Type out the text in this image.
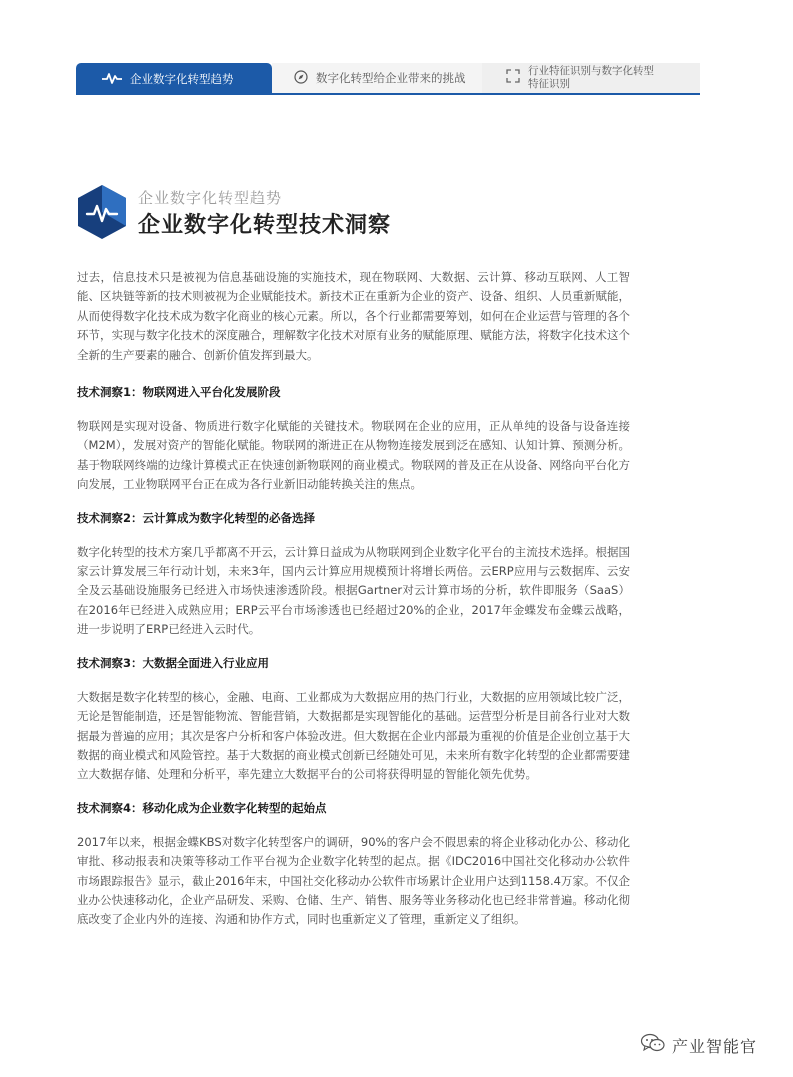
企业数字化转型趋势	数字化转型给企业带来的挑战	行业特征识别与数字化转型特征识别
企业数字化转型趋势
企业数字化转型技术洞察

过去，信息技术只是被视为信息基础设施的实施技术，现在物联网、大数据、云计算、移动互联网、人工智能、区块链等新的技术则被视为企业赋能技术。新技术正在重新为企业的资产、设备、组织、人员重新赋能，从而使得数字化技术成为数字化商业的核心元素。所以，各个行业都需要筹划，如何在企业运营与管理的各个环节，实现与数字化技术的深度融合，理解数字化技术对原有业务的赋能原理、赋能方法，将数字化技术这个全新的生产要素的融合、创新价值发挥到最大。

技术洞察1：物联网进入平台化发展阶段

物联网是实现对设备、物质进行数字化赋能的关键技术。物联网在企业的应用，正从单纯的设备与设备连接（M2M），发展对资产的智能化赋能。物联网的渐进正在从物物连接发展到泛在感知、认知计算、预测分析。基于物联网终端的边缘计算模式正在快速创新物联网的商业模式。物联网的普及正在从设备、网络向平台化方向发展，工业物联网平台正在成为各行业新旧动能转换关注的焦点。

技术洞察2：云计算成为数字化转型的必备选择

数字化转型的技术方案几乎都离不开云，云计算日益成为从物联网到企业数字化平台的主流技术选择。根据国家云计算发展三年行动计划，未来3年，国内云计算应用规模预计将增长两倍。云ERP应用与云数据库、云安全及云基础设施服务已经进入市场快速渗透阶段。根据Gartner对云计算市场的分析，软件即服务（SaaS）在2016年已经进入成熟应用；ERP云平台市场渗透也已经超过20%的企业，2017年金蝶发布金蝶云战略，进一步说明了ERP已经进入云时代。

技术洞察3：大数据全面进入行业应用

大数据是数字化转型的核心，金融、电商、工业都成为大数据应用的热门行业，大数据的应用领域比较广泛，无论是智能制造，还是智能物流、智能营销，大数据都是实现智能化的基础。运营型分析是目前各行业对大数据最为普遍的应用；其次是客户分析和客户体验改进。但大数据在企业内部最为重视的价值是企业创立基于大数据的商业模式和风险管控。基于大数据的商业模式创新已经随处可见，未来所有数字化转型的企业都需要建立大数据存储、处理和分析平，率先建立大数据平台的公司将获得明显的智能化领先优势。

技术洞察4：移动化成为企业数字化转型的起始点

2017年以来，根据金蝶KBS对数字化转型客户的调研，90%的客户会不假思索的将企业移动化办公、移动化审批、移动报表和决策等移动工作平台视为企业数字化转型的起点。据《IDC2016中国社交化移动办公软件市场跟踪报告》显示，截止2016年末，中国社交化移动办公软件市场累计企业用户达到1158.4万家。不仅企业办公快速移动化，企业产品研发、采购、仓储、生产、销售、服务等业务移动化也已经非常普遍。移动化彻底改变了企业内外的连接、沟通和协作方式，同时也重新定义了管理，重新定义了组织。

产业智能官
